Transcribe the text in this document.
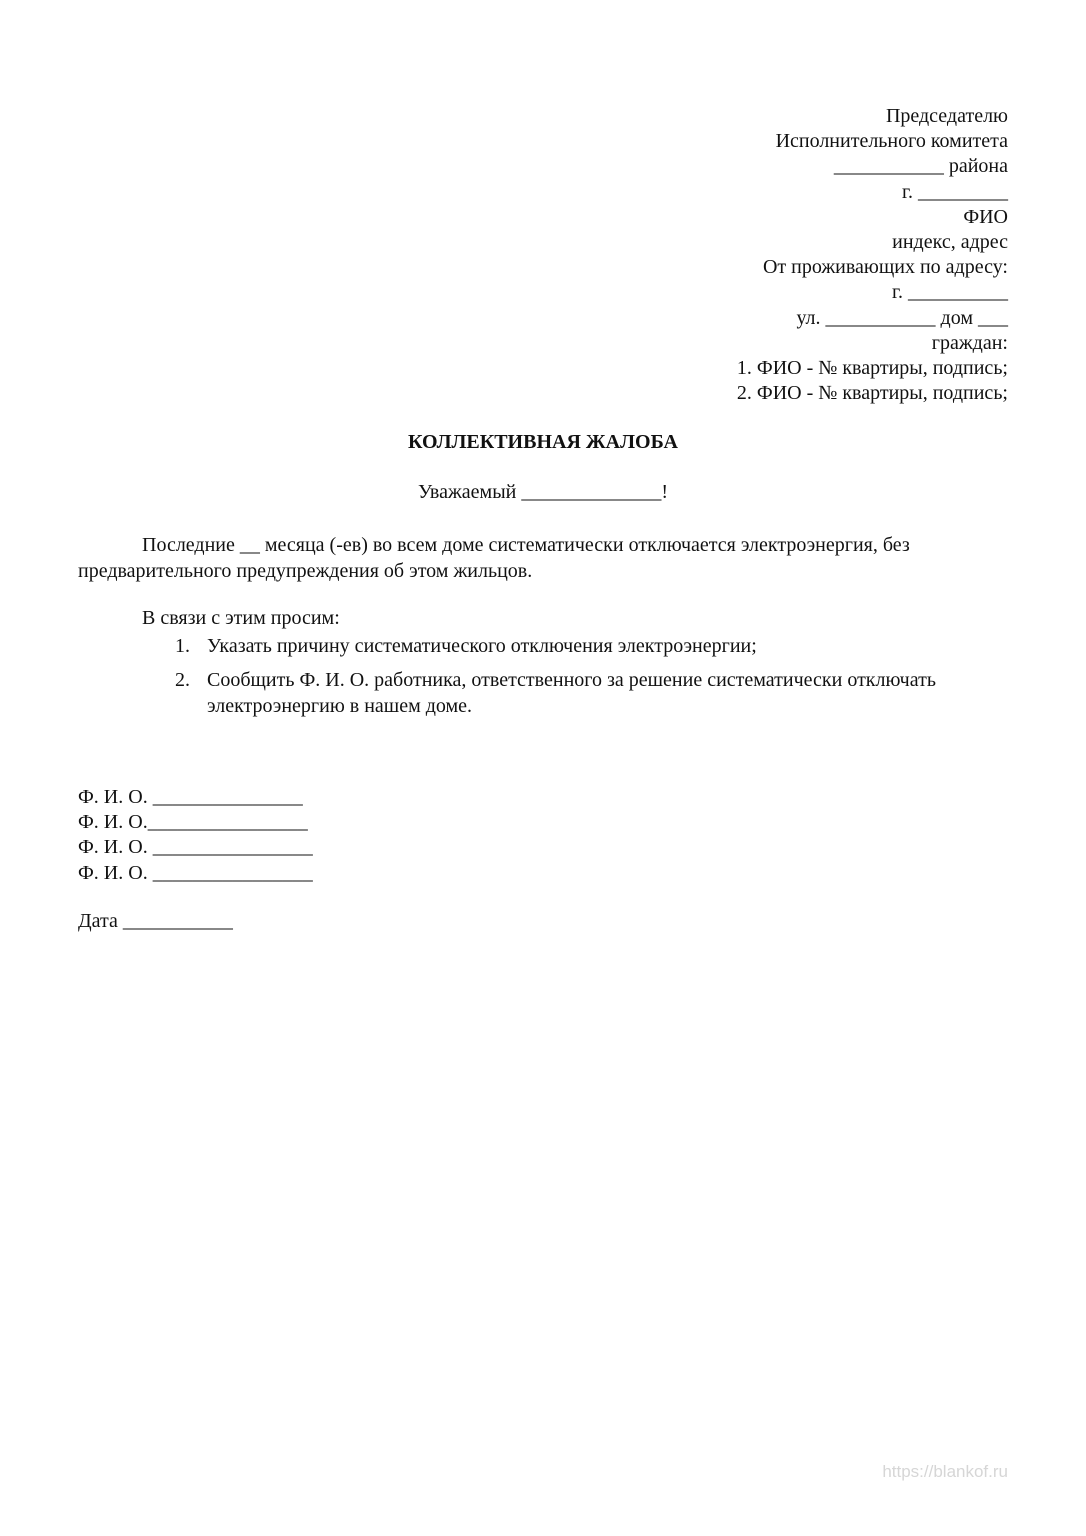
Председателю
Исполнительного комитета
___________ района
г. _________
ФИО
индекс, адрес
От проживающих по адресу:
г. __________
ул. ___________ дом ___
граждан:
1. ФИО - № квартиры, подпись;
2. ФИО - № квартиры, подпись;
КОЛЛЕКТИВНАЯ ЖАЛОБА
Уважаемый ______________!
Последние __ месяца (-ев) во всем доме систематически отключается электроэнергия, без предварительного предупреждения об этом жильцов.
В связи с этим просим:
1. Указать причину систематического отключения электроэнергии;
2. Сообщить Ф. И. О. работника, ответственного за решение систематически отключать электроэнергию в нашем доме.
Ф. И. О. _______________
Ф. И. О.________________
Ф. И. О. ________________
Ф. И. О. ________________
Дата ___________
https://blankof.ru
